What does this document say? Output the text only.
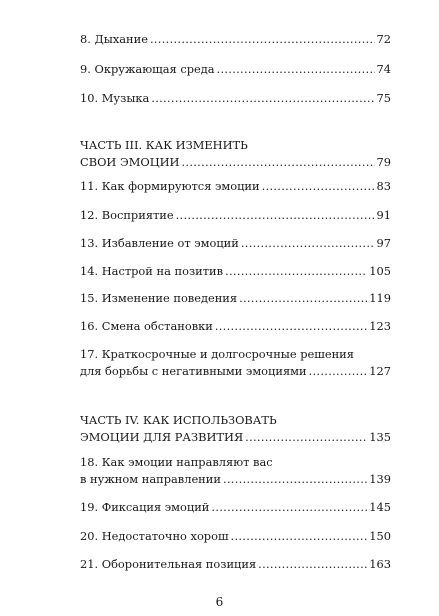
8. Дыхание .....	72
9. Окружающая среда .....	74
10. Музыка .....	75
ЧАСТЬ III. КАК ИЗМЕНИТЬ
СВОИ ЭМОЦИИ .....	79
11. Как формируются эмоции .....	83
12. Восприятие .....	91
13. Избавление от эмоций .....	97
14. Настрой на позитив .....	105
15. Изменение поведения .....	119
16. Смена обстановки .....	123
17. Краткосрочные и долгосрочные решения
для борьбы с негативными эмоциями .....	127
ЧАСТЬ IV. КАК ИСПОЛЬЗОВАТЬ
ЭМОЦИИ ДЛЯ РАЗВИТИЯ .....	135
18. Как эмоции направляют вас
в нужном направлении .....	139
19. Фиксация эмоций .....	145
20. Недостаточно хорош .....	150
21. Оборонительная позиция .....	163
6
